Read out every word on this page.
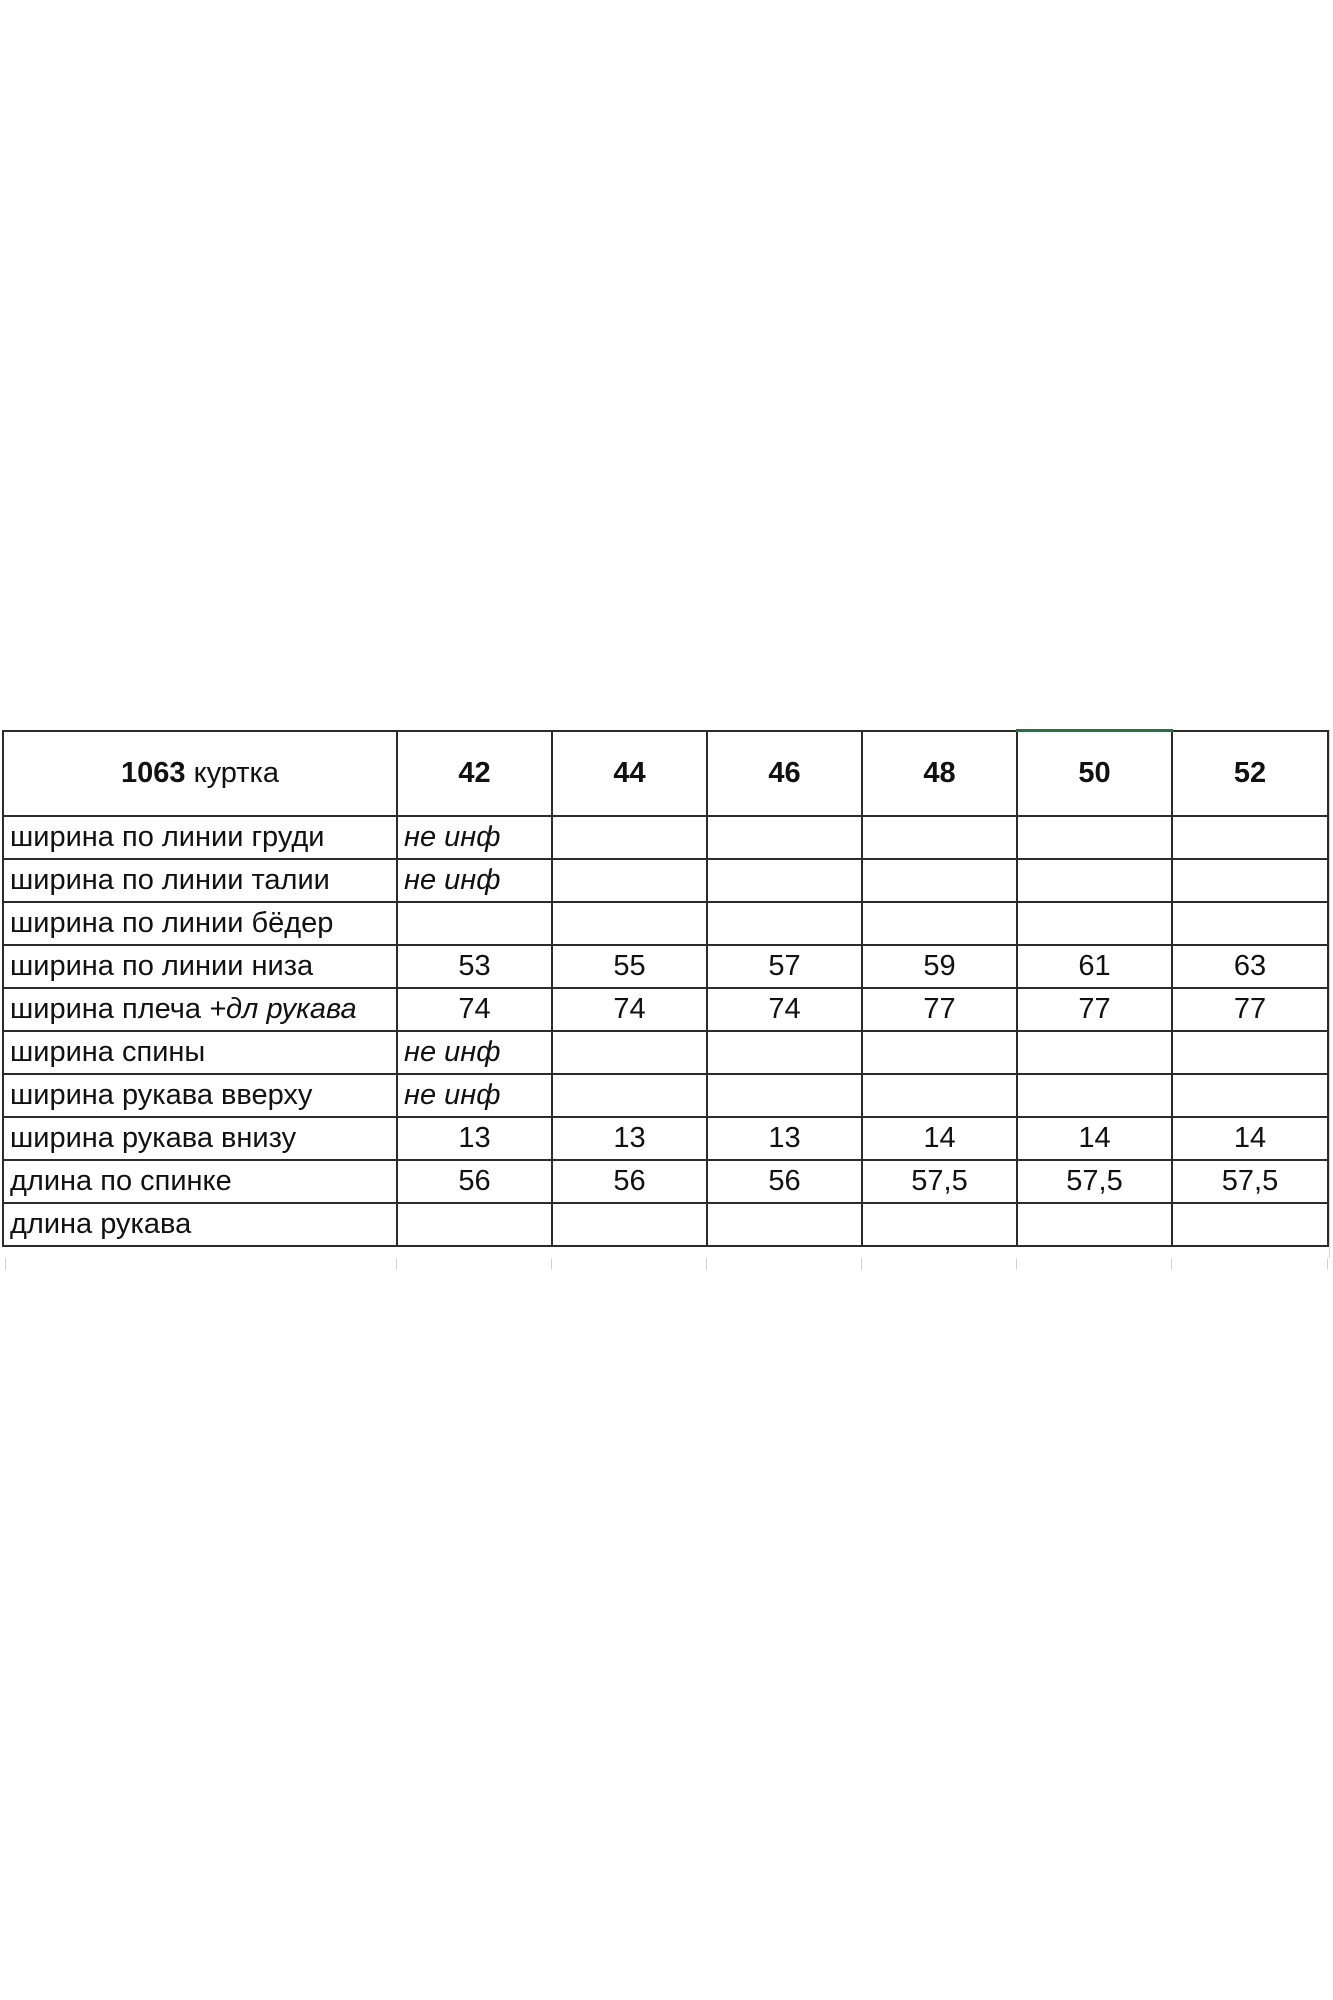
1063 куртка	42	44	46	48	50	52
ширина по линии груди	не инф					
ширина по линии талии	не инф					
ширина по линии бёдер						
ширина по линии низа	53	55	57	59	61	63
ширина плеча +дл рукава	74	74	74	77	77	77
ширина спины	не инф					
ширина рукава вверху	не инф					
ширина рукава внизу	13	13	13	14	14	14
длина по спинке	56	56	56	57,5	57,5	57,5
длина рукава						
